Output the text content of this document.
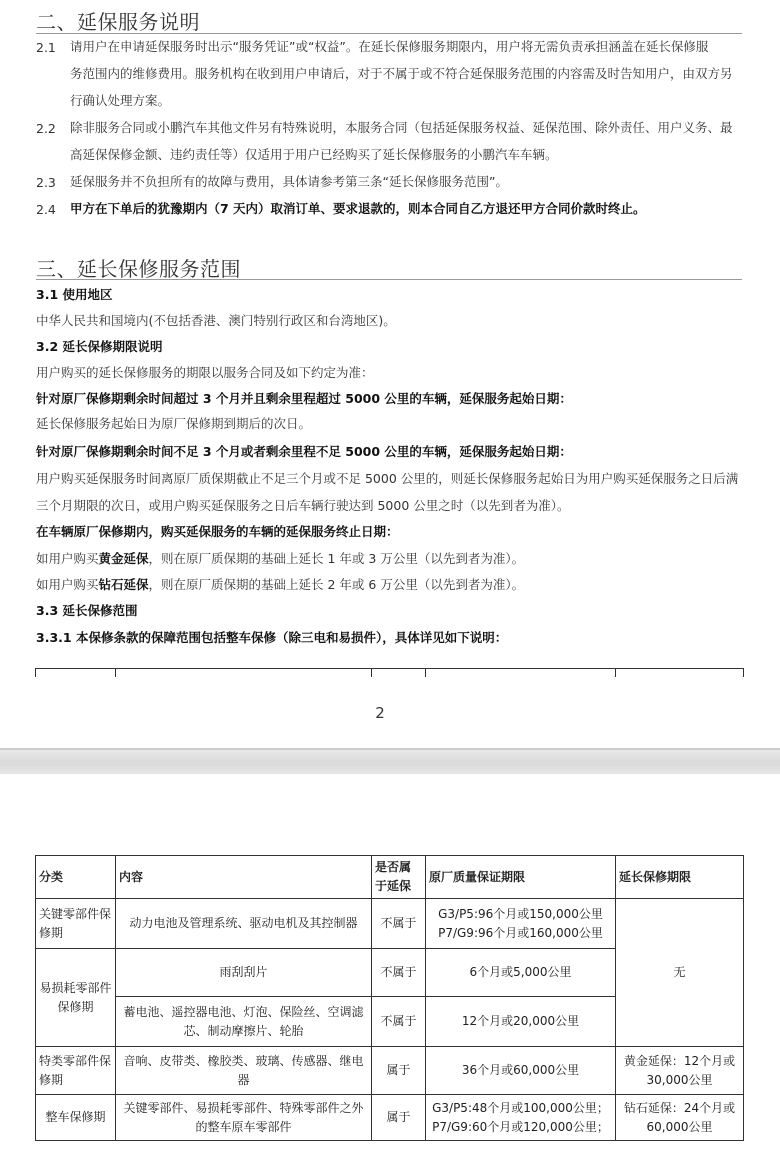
二、延保服务说明
2.1 请用户在申请延保服务时出示“服务凭证”或“权益”。在延长保修服务期限内，用户将无需负责承担涵盖在延长保修服
务范围内的维修费用。服务机构在收到用户申请后，对于不属于或不符合延保服务范围的内容需及时告知用户，由双方另
行确认处理方案。
2.2 除非服务合同或小鹏汽车其他文件另有特殊说明，本服务合同（包括延保服务权益、延保范围、除外责任、用户义务、最
高延保保修金额、违约责任等）仅适用于用户已经购买了延长保修服务的小鹏汽车车辆。
2.3 延保服务并不负担所有的故障与费用，具体请参考第三条“延长保修服务范围”。
2.4 甲方在下单后的犹豫期内（7 天内）取消订单、要求退款的，则本合同自乙方退还甲方合同价款时终止。
三、延长保修服务范围
3.1 使用地区
中华人民共和国境内(不包括香港、澳门特别行政区和台湾地区)。
3.2 延长保修期限说明
用户购买的延长保修服务的期限以服务合同及如下约定为准：
针对原厂保修期剩余时间超过 3 个月并且剩余里程超过 5000 公里的车辆，延保服务起始日期：
延长保修服务起始日为原厂保修期到期后的次日。
针对原厂保修期剩余时间不足 3 个月或者剩余里程不足 5000 公里的车辆，延保服务起始日期：
用户购买延保服务时间离原厂质保期截止不足三个月或不足 5000 公里的，则延长保修服务起始日为用户购买延保服务之日后满
三个月期限的次日，或用户购买延保服务之日后车辆行驶达到 5000 公里之时（以先到者为准）。
在车辆原厂保修期内，购买延保服务的车辆的延保服务终止日期：
如用户购买黄金延保，则在原厂质保期的基础上延长 1 年或 3 万公里（以先到者为准）。
如用户购买钻石延保，则在原厂质保期的基础上延长 2 年或 6 万公里（以先到者为准）。
3.3 延长保修范围
3.3.1 本保修条款的保障范围包括整车保修（除三电和易损件），具体详见如下说明：
2
分类	内容	是否属于延保	原厂质量保证期限	延长保修期限
关键零部件保修期	动力电池及管理系统、驱动电机及其控制器	不属于	G3/P5:96个月或150,000公里
P7/G9:96个月或160,000公里	无
易损耗零部件保修期	雨刮刮片	不属于	6个月或5,000公里	
	蓄电池、遥控器电池、灯泡、保险丝、空调滤芯、制动摩擦片、轮胎	不属于	12个月或20,000公里	
特类零部件保修期	音响、皮带类、橡胶类、玻璃、传感器、继电器	属于	36个月或60,000公里	黄金延保：12个月或30,000公里
整车保修期	关键零部件、易损耗零部件、特殊零部件之外的整车原车零部件	属于	G3/P5:48个月或100,000公里；
P7/G9:60个月或120,000公里；	钻石延保：24个月或60,000公里
